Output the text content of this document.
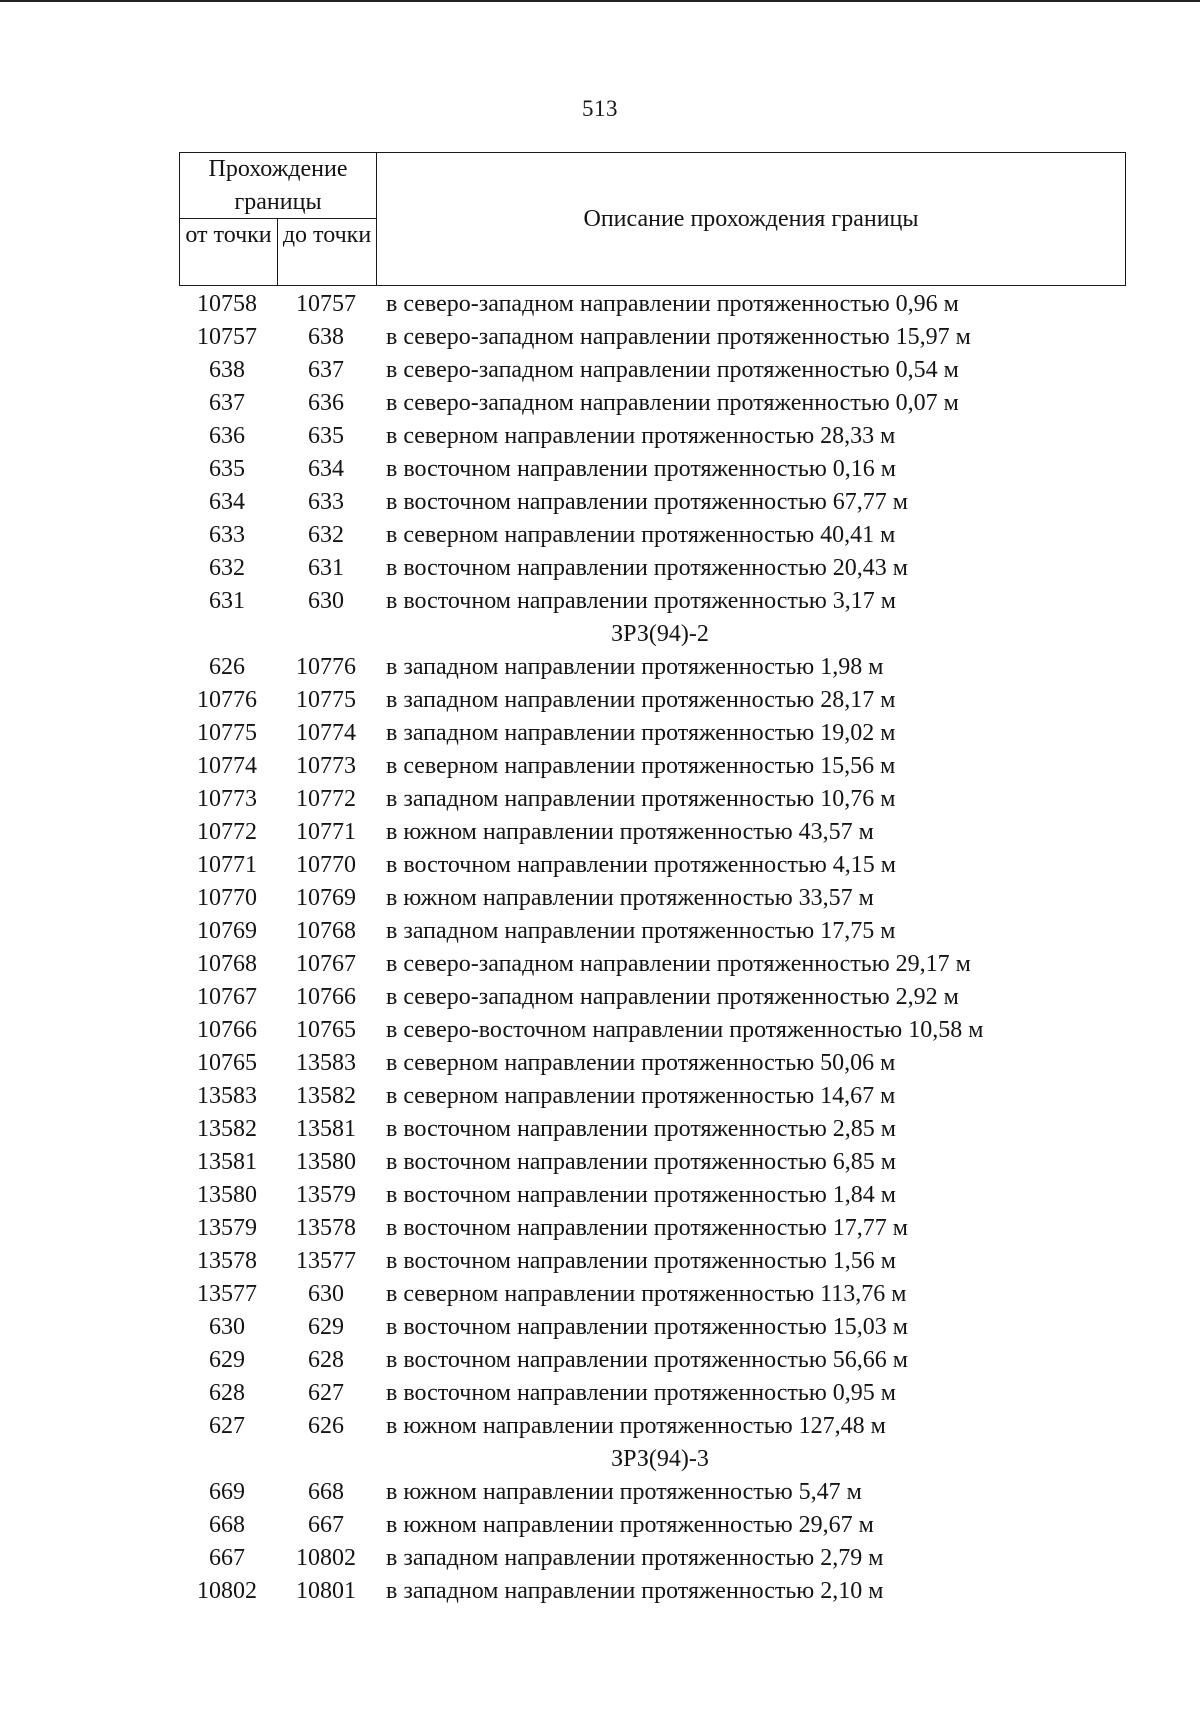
513
Прохождение границы
от точки до точки
Описание прохождения границы
10758	10757	в северо-западном направлении протяженностью 0,96 м
10757	638	в северо-западном направлении протяженностью 15,97 м
638	637	в северо-западном направлении протяженностью 0,54 м
637	636	в северо-западном направлении протяженностью 0,07 м
636	635	в северном направлении протяженностью 28,33 м
635	634	в восточном направлении протяженностью 0,16 м
634	633	в восточном направлении протяженностью 67,77 м
633	632	в северном направлении протяженностью 40,41 м
632	631	в восточном направлении протяженностью 20,43 м
631	630	в восточном направлении протяженностью 3,17 м
ЗРЗ(94)-2
626	10776	в западном направлении протяженностью 1,98 м
10776	10775	в западном направлении протяженностью 28,17 м
10775	10774	в западном направлении протяженностью 19,02 м
10774	10773	в северном направлении протяженностью 15,56 м
10773	10772	в западном направлении протяженностью 10,76 м
10772	10771	в южном направлении протяженностью 43,57 м
10771	10770	в восточном направлении протяженностью 4,15 м
10770	10769	в южном направлении протяженностью 33,57 м
10769	10768	в западном направлении протяженностью 17,75 м
10768	10767	в северо-западном направлении протяженностью 29,17 м
10767	10766	в северо-западном направлении протяженностью 2,92 м
10766	10765	в северо-восточном направлении протяженностью 10,58 м
10765	13583	в северном направлении протяженностью 50,06 м
13583	13582	в северном направлении протяженностью 14,67 м
13582	13581	в восточном направлении протяженностью 2,85 м
13581	13580	в восточном направлении протяженностью 6,85 м
13580	13579	в восточном направлении протяженностью 1,84 м
13579	13578	в восточном направлении протяженностью 17,77 м
13578	13577	в восточном направлении протяженностью 1,56 м
13577	630	в северном направлении протяженностью 113,76 м
630	629	в восточном направлении протяженностью 15,03 м
629	628	в восточном направлении протяженностью 56,66 м
628	627	в восточном направлении протяженностью 0,95 м
627	626	в южном направлении протяженностью 127,48 м
ЗРЗ(94)-3
669	668	в южном направлении протяженностью 5,47 м
668	667	в южном направлении протяженностью 29,67 м
667	10802	в западном направлении протяженностью 2,79 м
10802	10801	в западном направлении протяженностью 2,10 м
